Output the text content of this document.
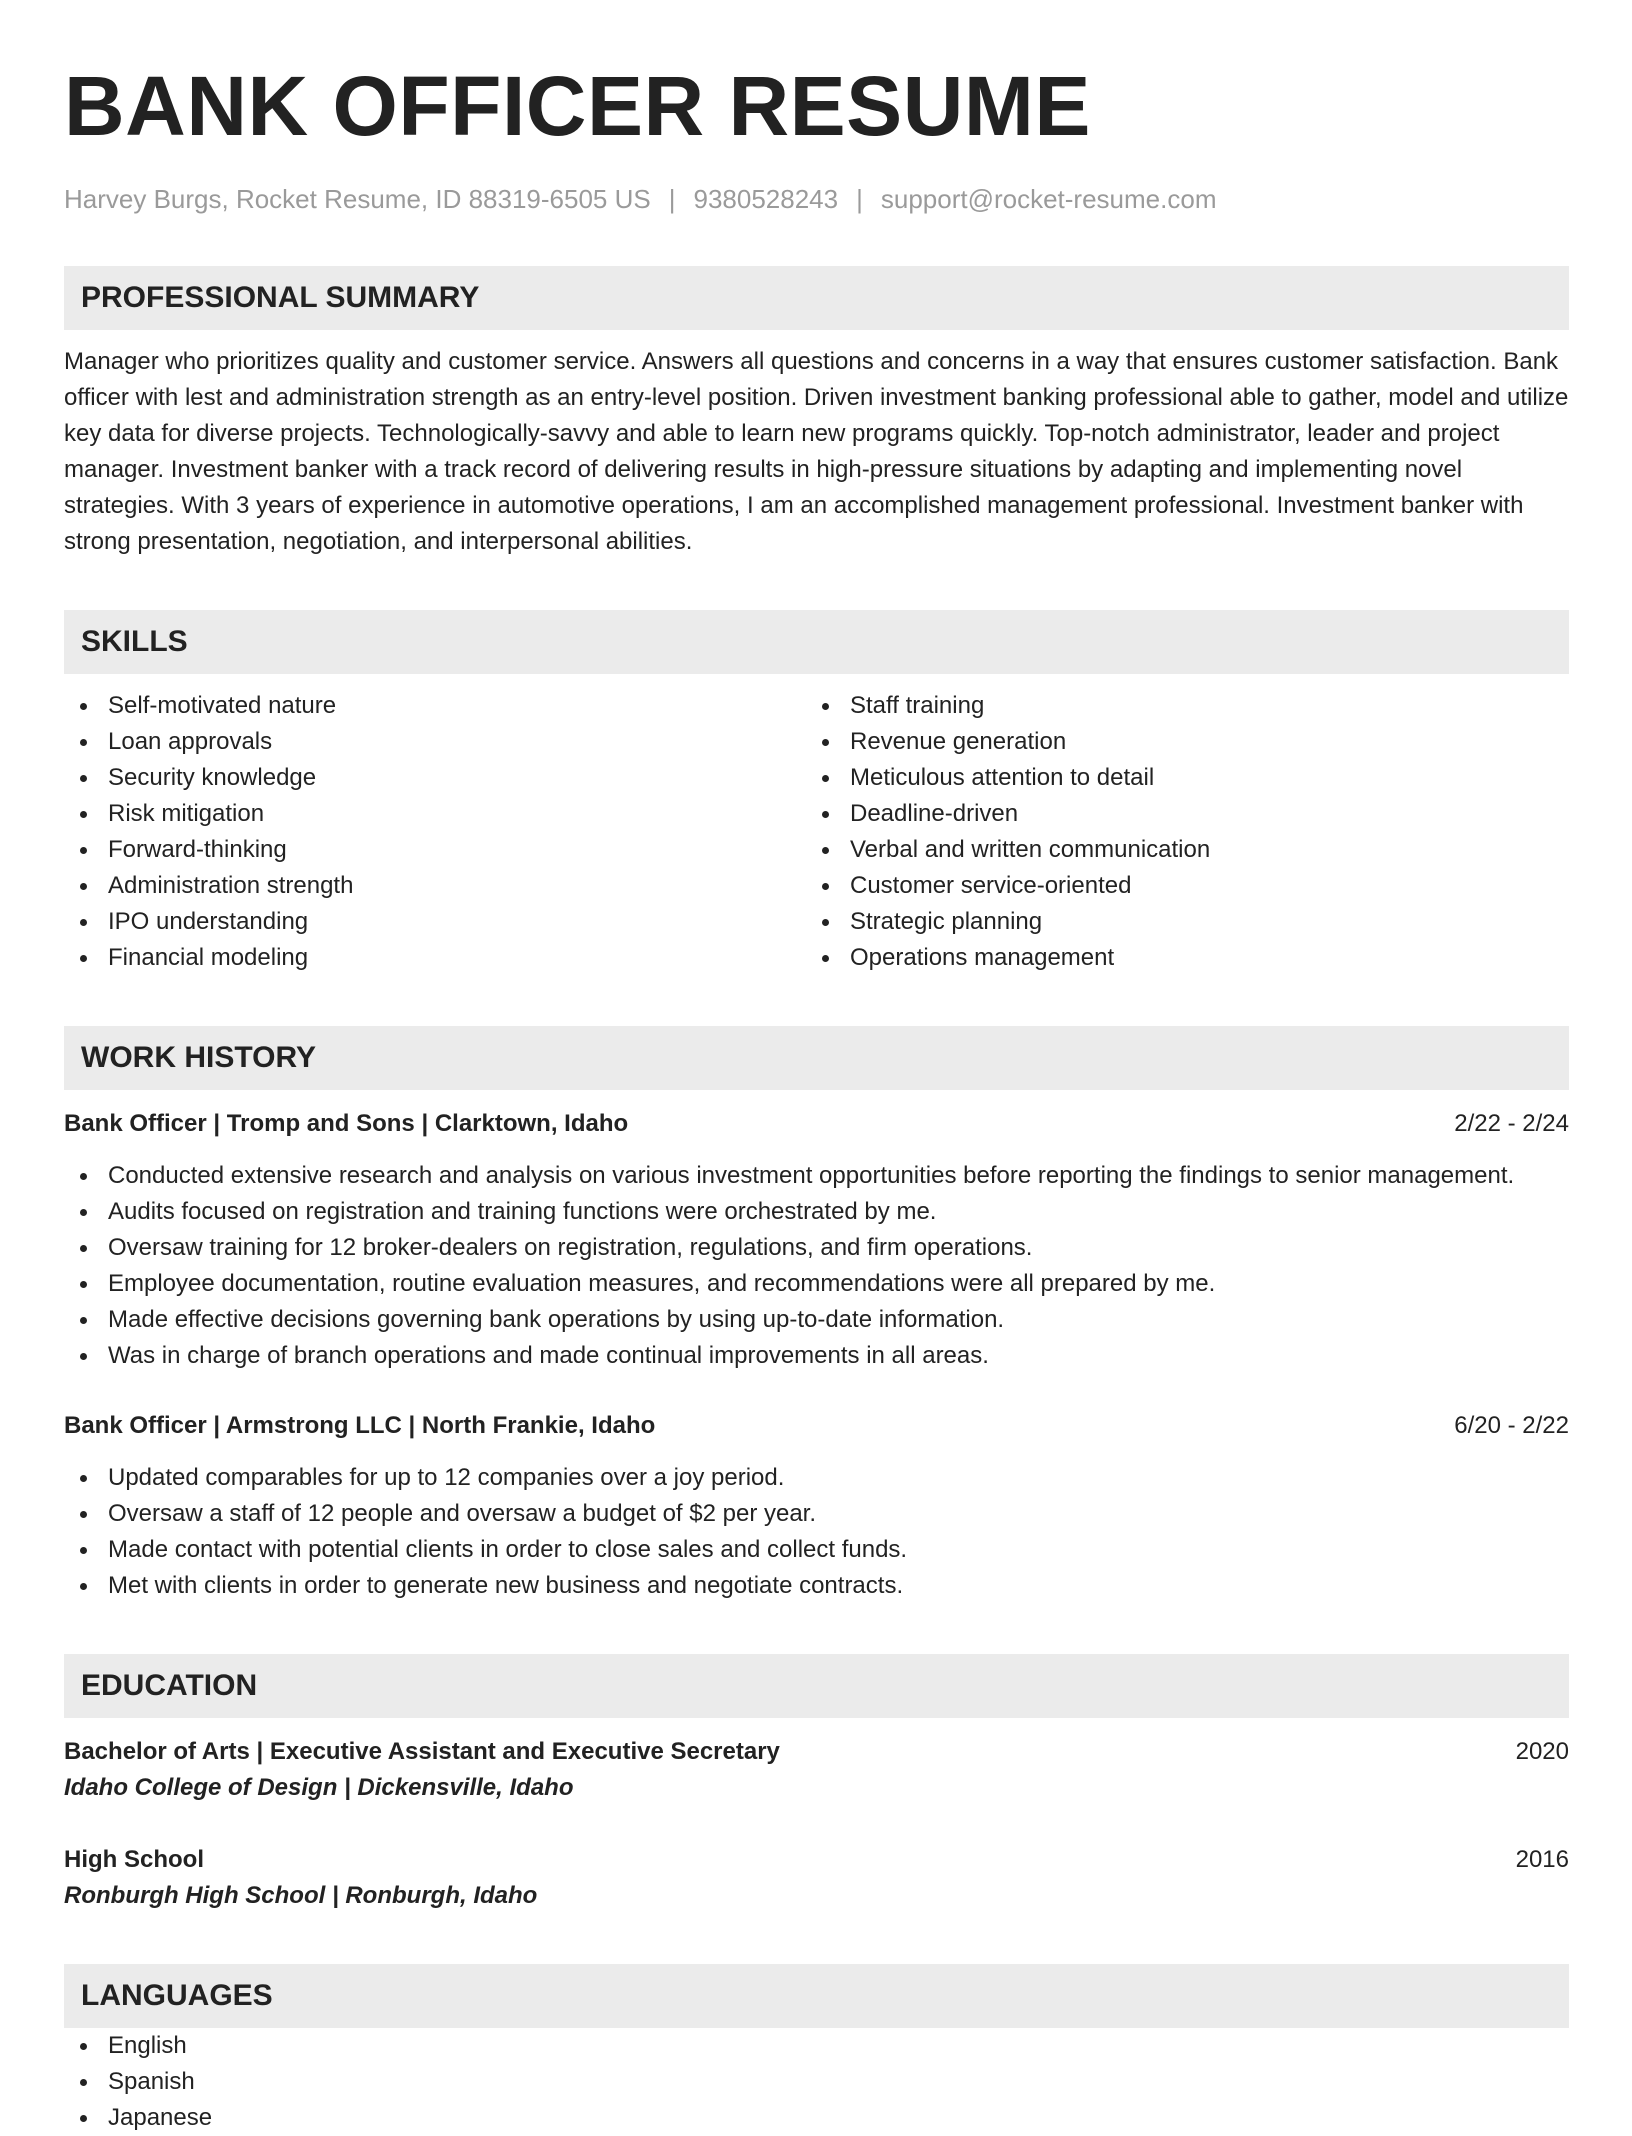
BANK OFFICER RESUME
Harvey Burgs, Rocket Resume, ID 88319-6505 US | 9380528243 | support@rocket-resume.com
PROFESSIONAL SUMMARY
Manager who prioritizes quality and customer service. Answers all questions and concerns in a way that ensures customer satisfaction. Bank officer with lest and administration strength as an entry-level position. Driven investment banking professional able to gather, model and utilize key data for diverse projects. Technologically-savvy and able to learn new programs quickly. Top-notch administrator, leader and project manager. Investment banker with a track record of delivering results in high-pressure situations by adapting and implementing novel strategies. With 3 years of experience in automotive operations, I am an accomplished management professional. Investment banker with strong presentation, negotiation, and interpersonal abilities.
SKILLS
Self-motivated nature
Loan approvals
Security knowledge
Risk mitigation
Forward-thinking
Administration strength
IPO understanding
Financial modeling
Staff training
Revenue generation
Meticulous attention to detail
Deadline-driven
Verbal and written communication
Customer service-oriented
Strategic planning
Operations management
WORK HISTORY
Bank Officer | Tromp and Sons | Clarktown, Idaho	2/22 - 2/24
Conducted extensive research and analysis on various investment opportunities before reporting the findings to senior management.
Audits focused on registration and training functions were orchestrated by me.
Oversaw training for 12 broker-dealers on registration, regulations, and firm operations.
Employee documentation, routine evaluation measures, and recommendations were all prepared by me.
Made effective decisions governing bank operations by using up-to-date information.
Was in charge of branch operations and made continual improvements in all areas.
Bank Officer | Armstrong LLC | North Frankie, Idaho	6/20 - 2/22
Updated comparables for up to 12 companies over a joy period.
Oversaw a staff of 12 people and oversaw a budget of $2 per year.
Made contact with potential clients in order to close sales and collect funds.
Met with clients in order to generate new business and negotiate contracts.
EDUCATION
Bachelor of Arts | Executive Assistant and Executive Secretary	2020
Idaho College of Design | Dickensville, Idaho
High School	2016
Ronburgh High School | Ronburgh, Idaho
LANGUAGES
English
Spanish
Japanese
